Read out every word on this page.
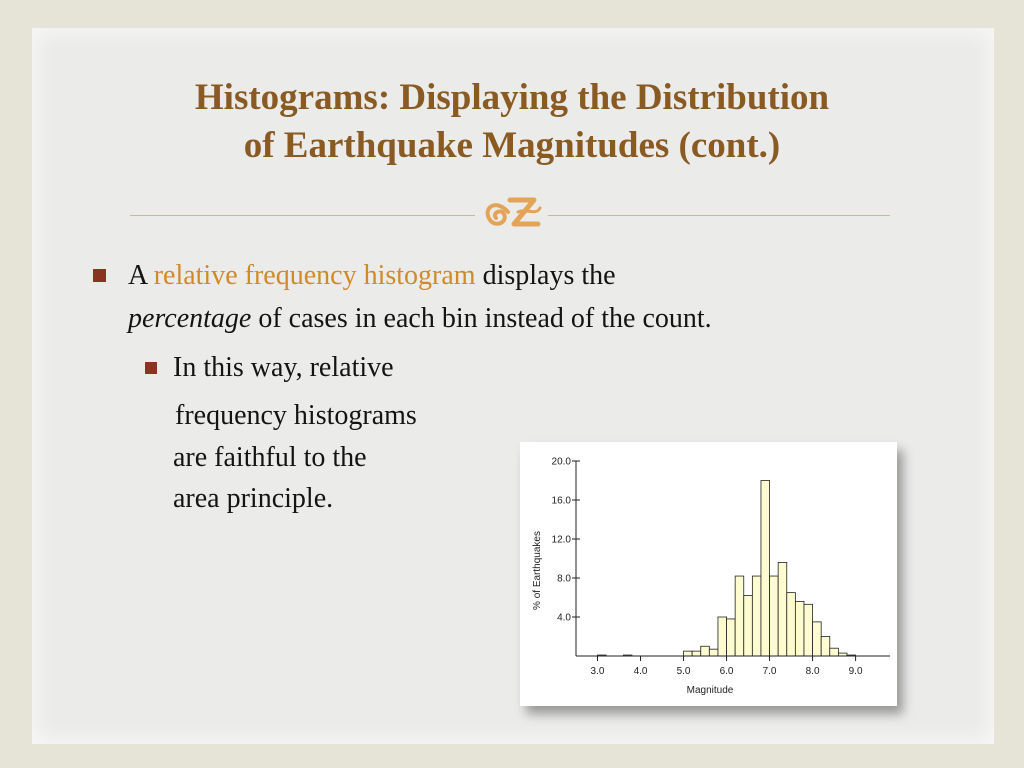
Histograms: Displaying the Distribution
of Earthquake Magnitudes (cont.)
A relative frequency histogram displays the
percentage of cases in each bin instead of the count.
In this way, relative
frequency histograms
are faithful to the
area principle.
3.0	4.0	5.0	6.0	7.0	8.0	9.0
4.0
8.0
12.0
16.0
20.0
Magnitude
% of Earthquakes
